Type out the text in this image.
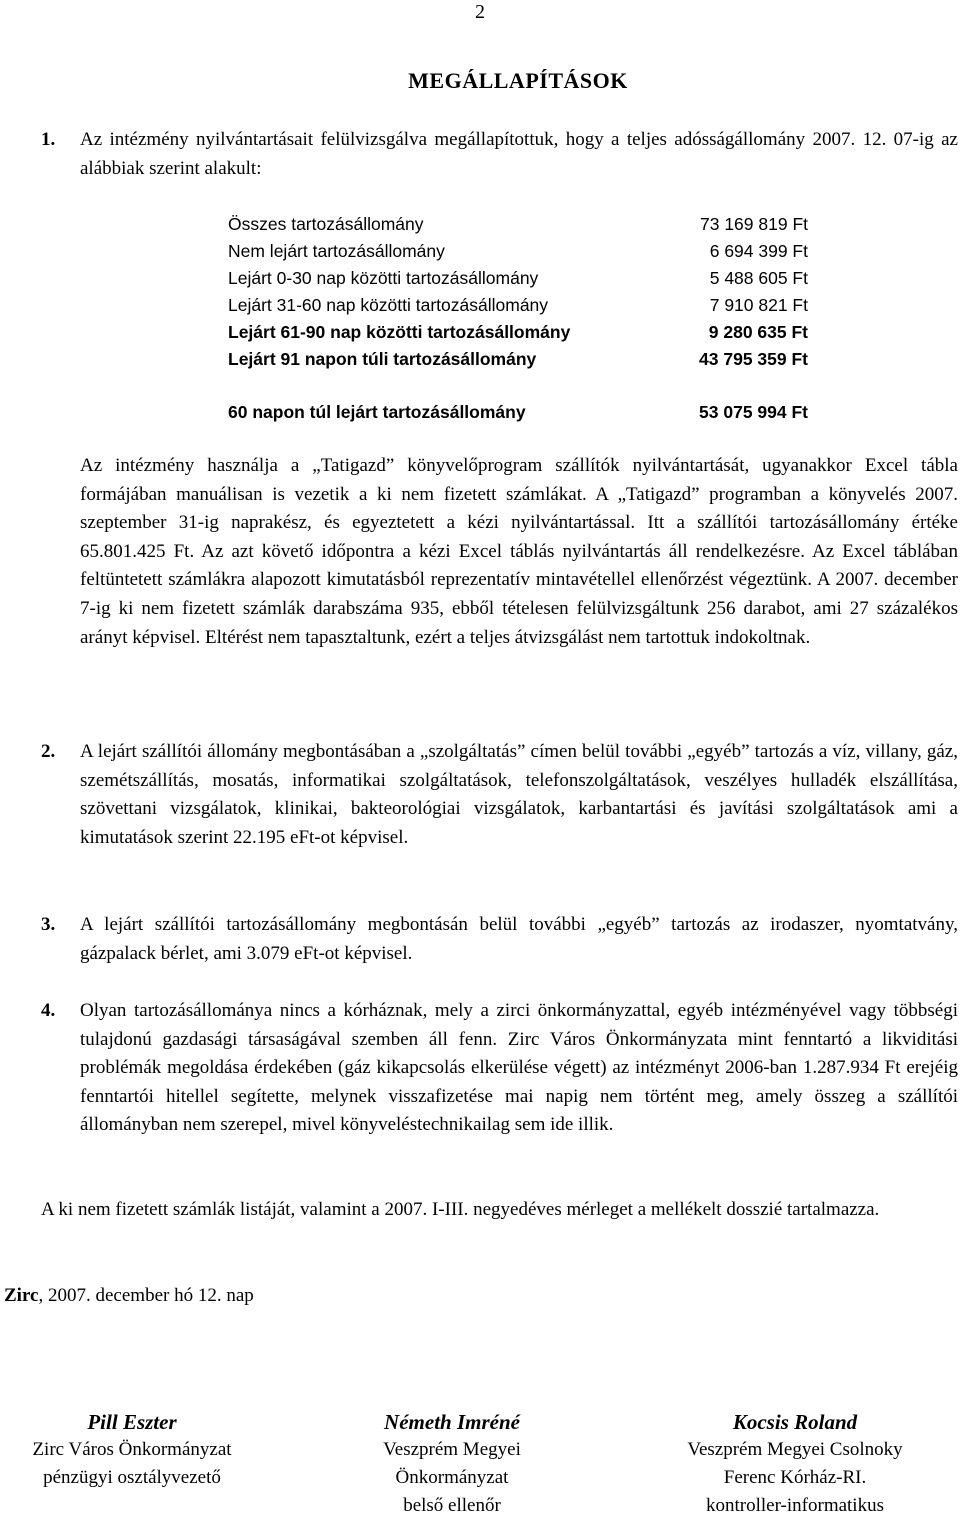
2
MEGÁLLAPÍTÁSOK
1. Az intézmény nyilvántartásait felülvizsgálva megállapítottuk, hogy a teljes adósságállomány 2007. 12. 07-ig az alábbiak szerint alakult:

Összes tartozásállomány	73 169 819 Ft
Nem lejárt tartozásállomány	6 694 399 Ft
Lejárt 0-30 nap közötti tartozásállomány	5 488 605 Ft
Lejárt 31-60 nap közötti tartozásállomány	7 910 821 Ft
Lejárt 61-90 nap közötti tartozásállomány	9 280 635 Ft
Lejárt 91 napon túli tartozásállomány	43 795 359 Ft
60 napon túl lejárt tartozásállomány	53 075 994 Ft

Az intézmény használja a „Tatigazd” könyvelőprogram szállítók nyilvántartását, ugyanakkor Excel tábla formájában manuálisan is vezetik a ki nem fizetett számlákat. A „Tatigazd” programban a könyvelés 2007. szeptember 31-ig naprakész, és egyeztetett a kézi nyilvántartással. Itt a szállítói tartozásállomány értéke 65.801.425 Ft. Az azt követő időpontra a kézi Excel táblás nyilvántartás áll rendelkezésre. Az Excel táblában feltüntetett számlákra alapozott kimutatásból reprezentatív mintavétellel ellenőrzést végeztünk. A 2007. december 7-ig ki nem fizetett számlák darabszáma 935, ebből tételesen felülvizsgáltunk 256 darabot, ami 27 százalékos arányt képvisel. Eltérést nem tapasztaltunk, ezért a teljes átvizsgálást nem tartottuk indokoltnak.

2. A lejárt szállítói állomány megbontásában a „szolgáltatás” címen belül további „egyéb” tartozás a víz, villany, gáz, szemétszállítás, mosatás, informatikai szolgáltatások, telefonszolgáltatások, veszélyes hulladék elszállítása, szövettani vizsgálatok, klinikai, bakteorológiai vizsgálatok, karbantartási és javítási szolgáltatások ami a kimutatások szerint 22.195 eFt-ot képvisel.

3. A lejárt szállítói tartozásállomány megbontásán belül további „egyéb” tartozás az irodaszer, nyomtatvány, gázpalack bérlet, ami 3.079 eFt-ot képvisel.

4. Olyan tartozásállománya nincs a kórháznak, mely a zirci önkormányzattal, egyéb intézményével vagy többségi tulajdonú gazdasági társaságával szemben áll fenn. Zirc Város Önkormányzata mint fenntartó a likviditási problémák megoldása érdekében (gáz kikapcsolás elkerülése végett) az intézményt 2006-ban 1.287.934 Ft erejéig fenntartói hitellel segítette, melynek visszafizetése mai napig nem történt meg, amely összeg a szállítói állományban nem szerepel, mivel könyveléstechnikailag sem ide illik.

A ki nem fizetett számlák listáját, valamint a 2007. I-III. negyedéves mérleget a mellékelt dosszié tartalmazza.

Zirc, 2007. december hó 12. nap
Pill Eszter
Zirc Város Önkormányzat
pénzügyi osztályvezető
Németh Imréné
Veszprém Megyei
Önkormányzat
belső ellenőr
Kocsis Roland
Veszprém Megyei Csolnoky
Ferenc Kórház-RI.
kontroller-informatikus
